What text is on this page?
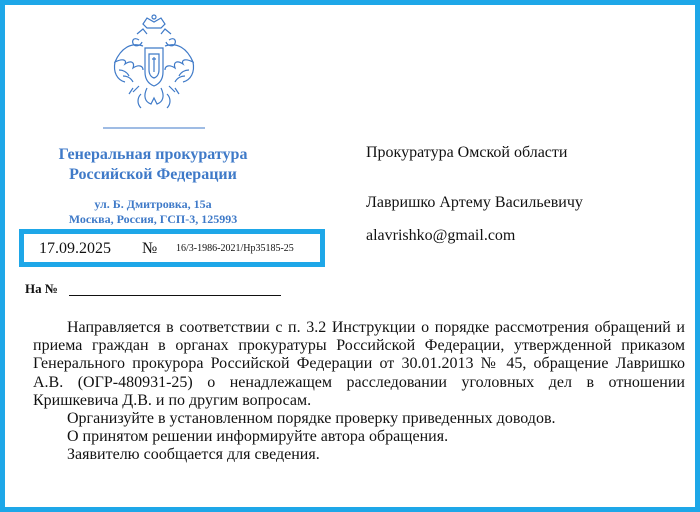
Генеральная прокуратура
Российской Федерации
ул. Б. Дмитровка, 15а
Москва, Россия, ГСП-3, 125993
17.09.2025 № 16/3-1986-2021/Нр35185-25
Прокуратура Омской области
Лавришко Артему Васильевичу
alavrishko@gmail.com
На №

Направляется в соответствии с п. 3.2 Инструкции о порядке рассмотрения обращений и приема граждан в органах прокуратуры Российской Федерации, утвержденной приказом Генерального прокурора Российской Федерации от 30.01.2013 № 45, обращение Лавришко А.В. (ОГР-480931-25) о ненадлежащем расследовании уголовных дел в отношении Кришкевича Д.В. и по другим вопросам.

Организуйте в установленном порядке проверку приведенных доводов.

О принятом решении информируйте автора обращения.

Заявителю сообщается для сведения.
